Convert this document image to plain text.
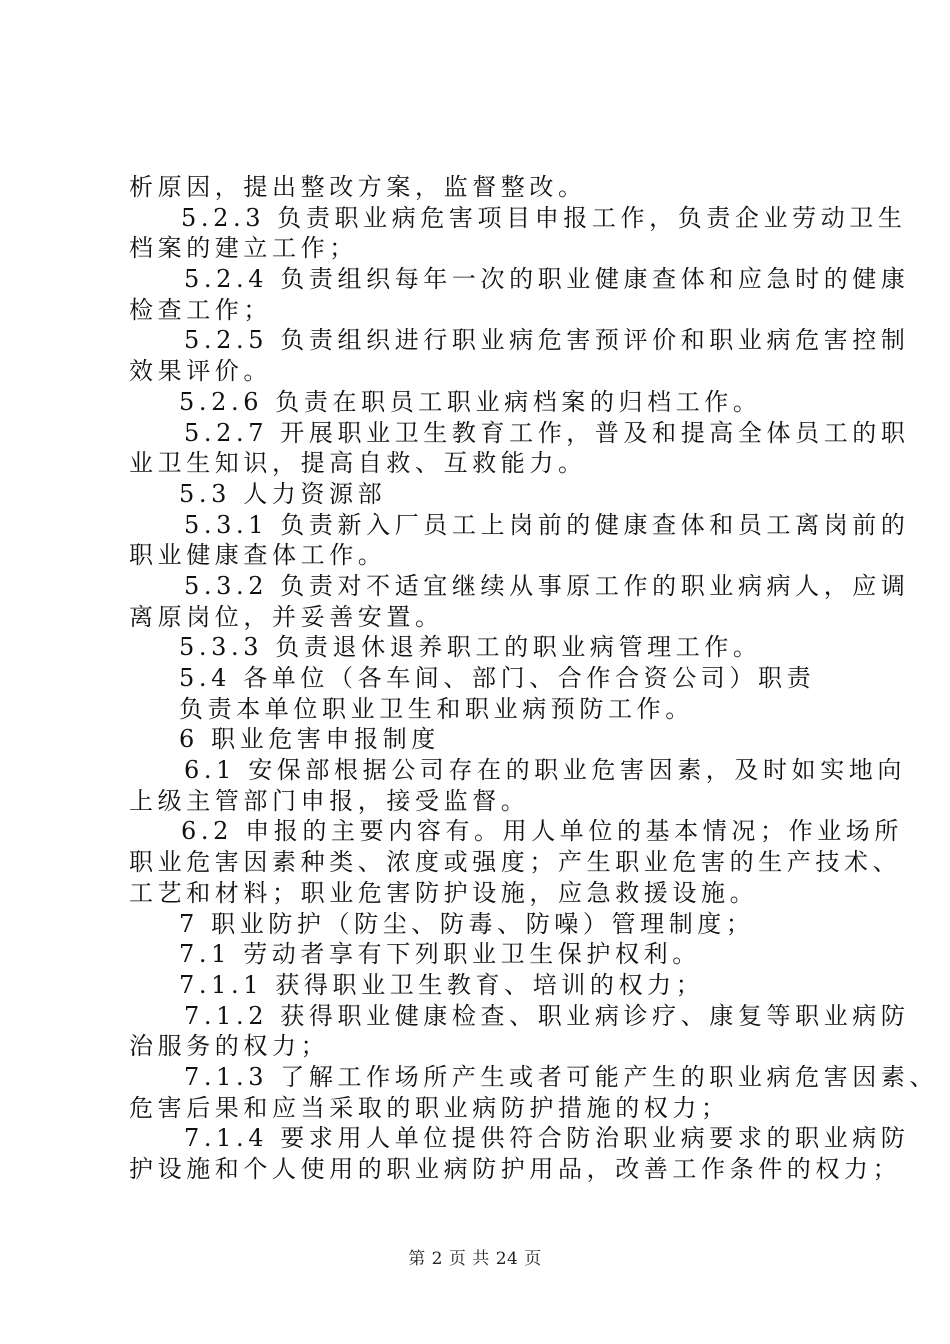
析原因，提出整改方案，监督整改。
5.2.3 负责职业病危害项目申报工作，负责企业劳动卫生
档案的建立工作；
5.2.4 负责组织每年一次的职业健康查体和应急时的健康
检查工作；
5.2.5 负责组织进行职业病危害预评价和职业病危害控制
效果评价。
5.2.6 负责在职员工职业病档案的归档工作。
5.2.7 开展职业卫生教育工作，普及和提高全体员工的职
业卫生知识，提高自救、互救能力。
5.3 人力资源部
5.3.1 负责新入厂员工上岗前的健康查体和员工离岗前的
职业健康查体工作。
5.3.2 负责对不适宜继续从事原工作的职业病病人，应调
离原岗位，并妥善安置。
5.3.3 负责退休退养职工的职业病管理工作。
5.4 各单位（各车间、部门、合作合资公司）职责
负责本单位职业卫生和职业病预防工作。
6 职业危害申报制度
6.1 安保部根据公司存在的职业危害因素，及时如实地向
上级主管部门申报，接受监督。
6.2 申报的主要内容有。用人单位的基本情况；作业场所
职业危害因素种类、浓度或强度；产生职业危害的生产技术、
工艺和材料；职业危害防护设施，应急救援设施。
7 职业防护（防尘、防毒、防噪）管理制度；
7.1 劳动者享有下列职业卫生保护权利。
7.1.1 获得职业卫生教育、培训的权力；
7.1.2 获得职业健康检查、职业病诊疗、康复等职业病防
治服务的权力；
7.1.3 了解工作场所产生或者可能产生的职业病危害因素、
危害后果和应当采取的职业病防护措施的权力；
7.1.4 要求用人单位提供符合防治职业病要求的职业病防
护设施和个人使用的职业病防护用品，改善工作条件的权力；
第 2 页 共 24 页
